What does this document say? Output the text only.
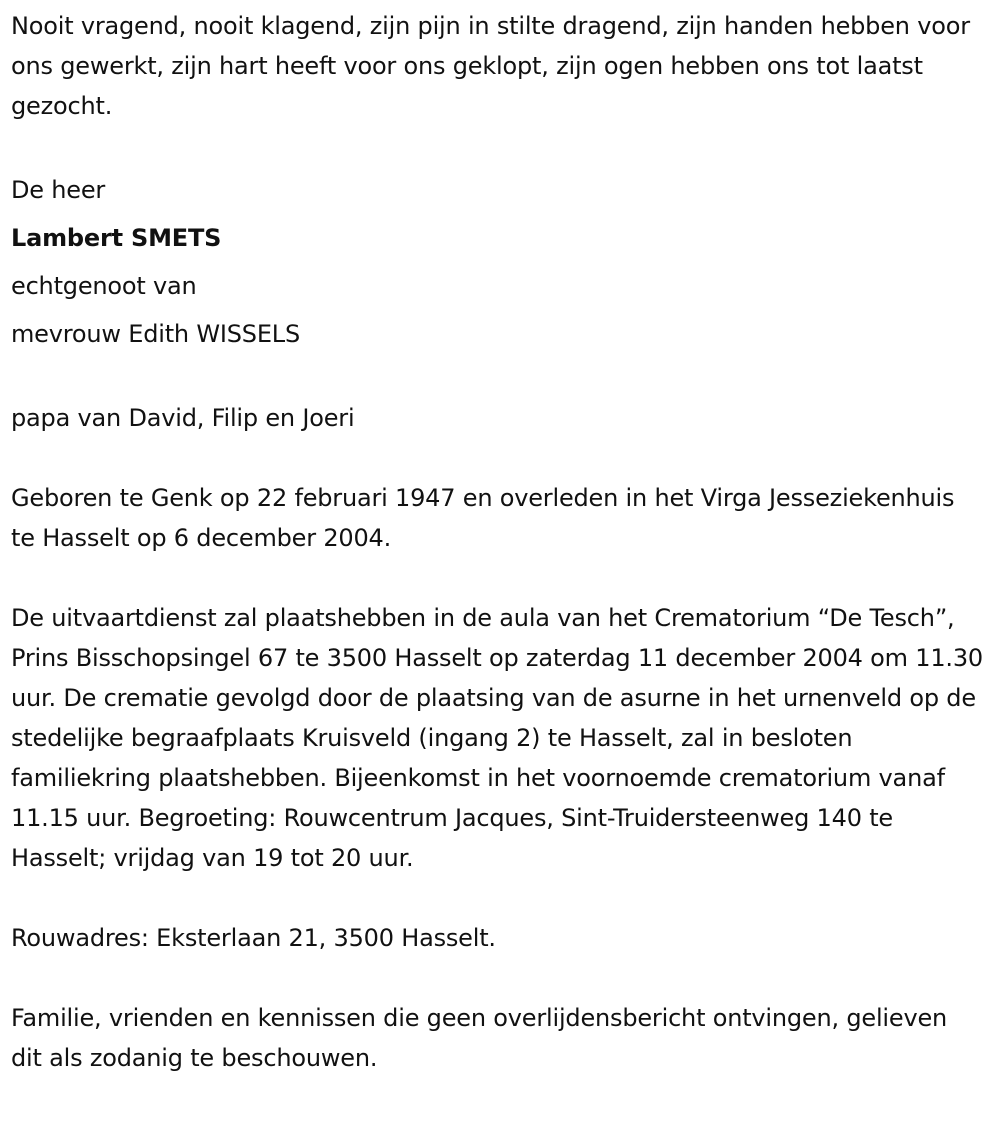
Nooit vragend, nooit klagend, zijn pijn in stilte dragend, zijn handen hebben voor ons gewerkt, zijn hart heeft voor ons geklopt, zijn ogen hebben ons tot laatst gezocht.

De heer

Lambert SMETS

echtgenoot van

mevrouw Edith WISSELS

papa van David, Filip en Joeri

Geboren te Genk op 22 februari 1947 en overleden in het Virga Jesseziekenhuis te Hasselt op 6 december 2004.

De uitvaartdienst zal plaatshebben in de aula van het Crematorium “De Tesch”, Prins Bisschopsingel 67 te 3500 Hasselt op zaterdag 11 december 2004 om 11.30 uur. De crematie gevolgd door de plaatsing van de asurne in het urnenveld op de stedelijke begraafplaats Kruisveld (ingang 2) te Hasselt, zal in besloten familiekring plaatshebben. Bijeenkomst in het voornoemde crematorium vanaf 11.15 uur. Begroeting: Rouwcentrum Jacques, Sint-Truidersteenweg 140 te Hasselt; vrijdag van 19 tot 20 uur.

Rouwadres: Eksterlaan 21, 3500 Hasselt.

Familie, vrienden en kennissen die geen overlijdensbericht ontvingen, gelieven dit als zodanig te beschouwen.
